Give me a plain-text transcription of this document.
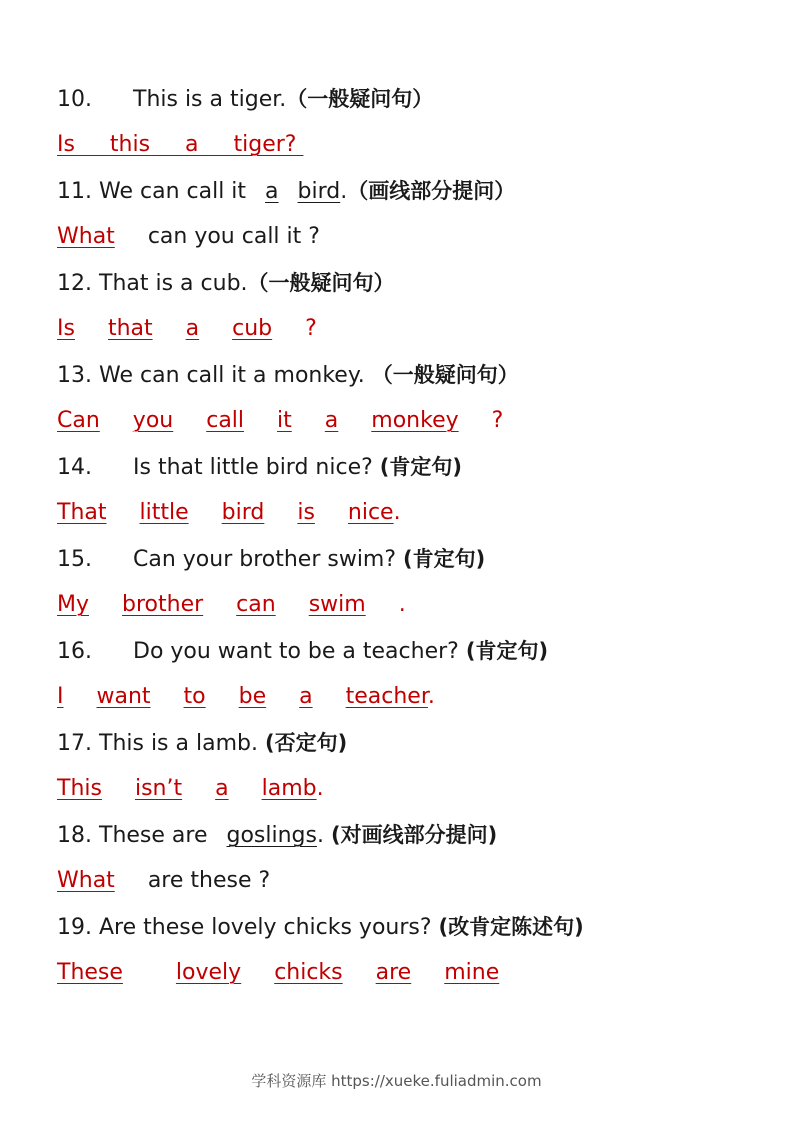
10. This is a tiger.（一般疑问句）
Is this a tiger?
11. We can call it a bird.（画线部分提问）
What can you call it ?
12. That is a cub.（一般疑问句）
Is that a cub ?
13. We can call it a monkey. （一般疑问句）
Can you call it a monkey ?
14. Is that little bird nice? (肯定句)
That little bird is nice.
15. Can your brother swim? (肯定句)
My brother can swim .
16. Do you want to be a teacher? (肯定句)
I want to be a teacher.
17. This is a lamb. (否定句)
This isn’t a lamb.
18. These are goslings. (对画线部分提问)
What are these ?
19. Are these lovely chicks yours? (改肯定陈述句)
These lovely chicks are mine
学科资源库 https://xueke.fuliadmin.com
